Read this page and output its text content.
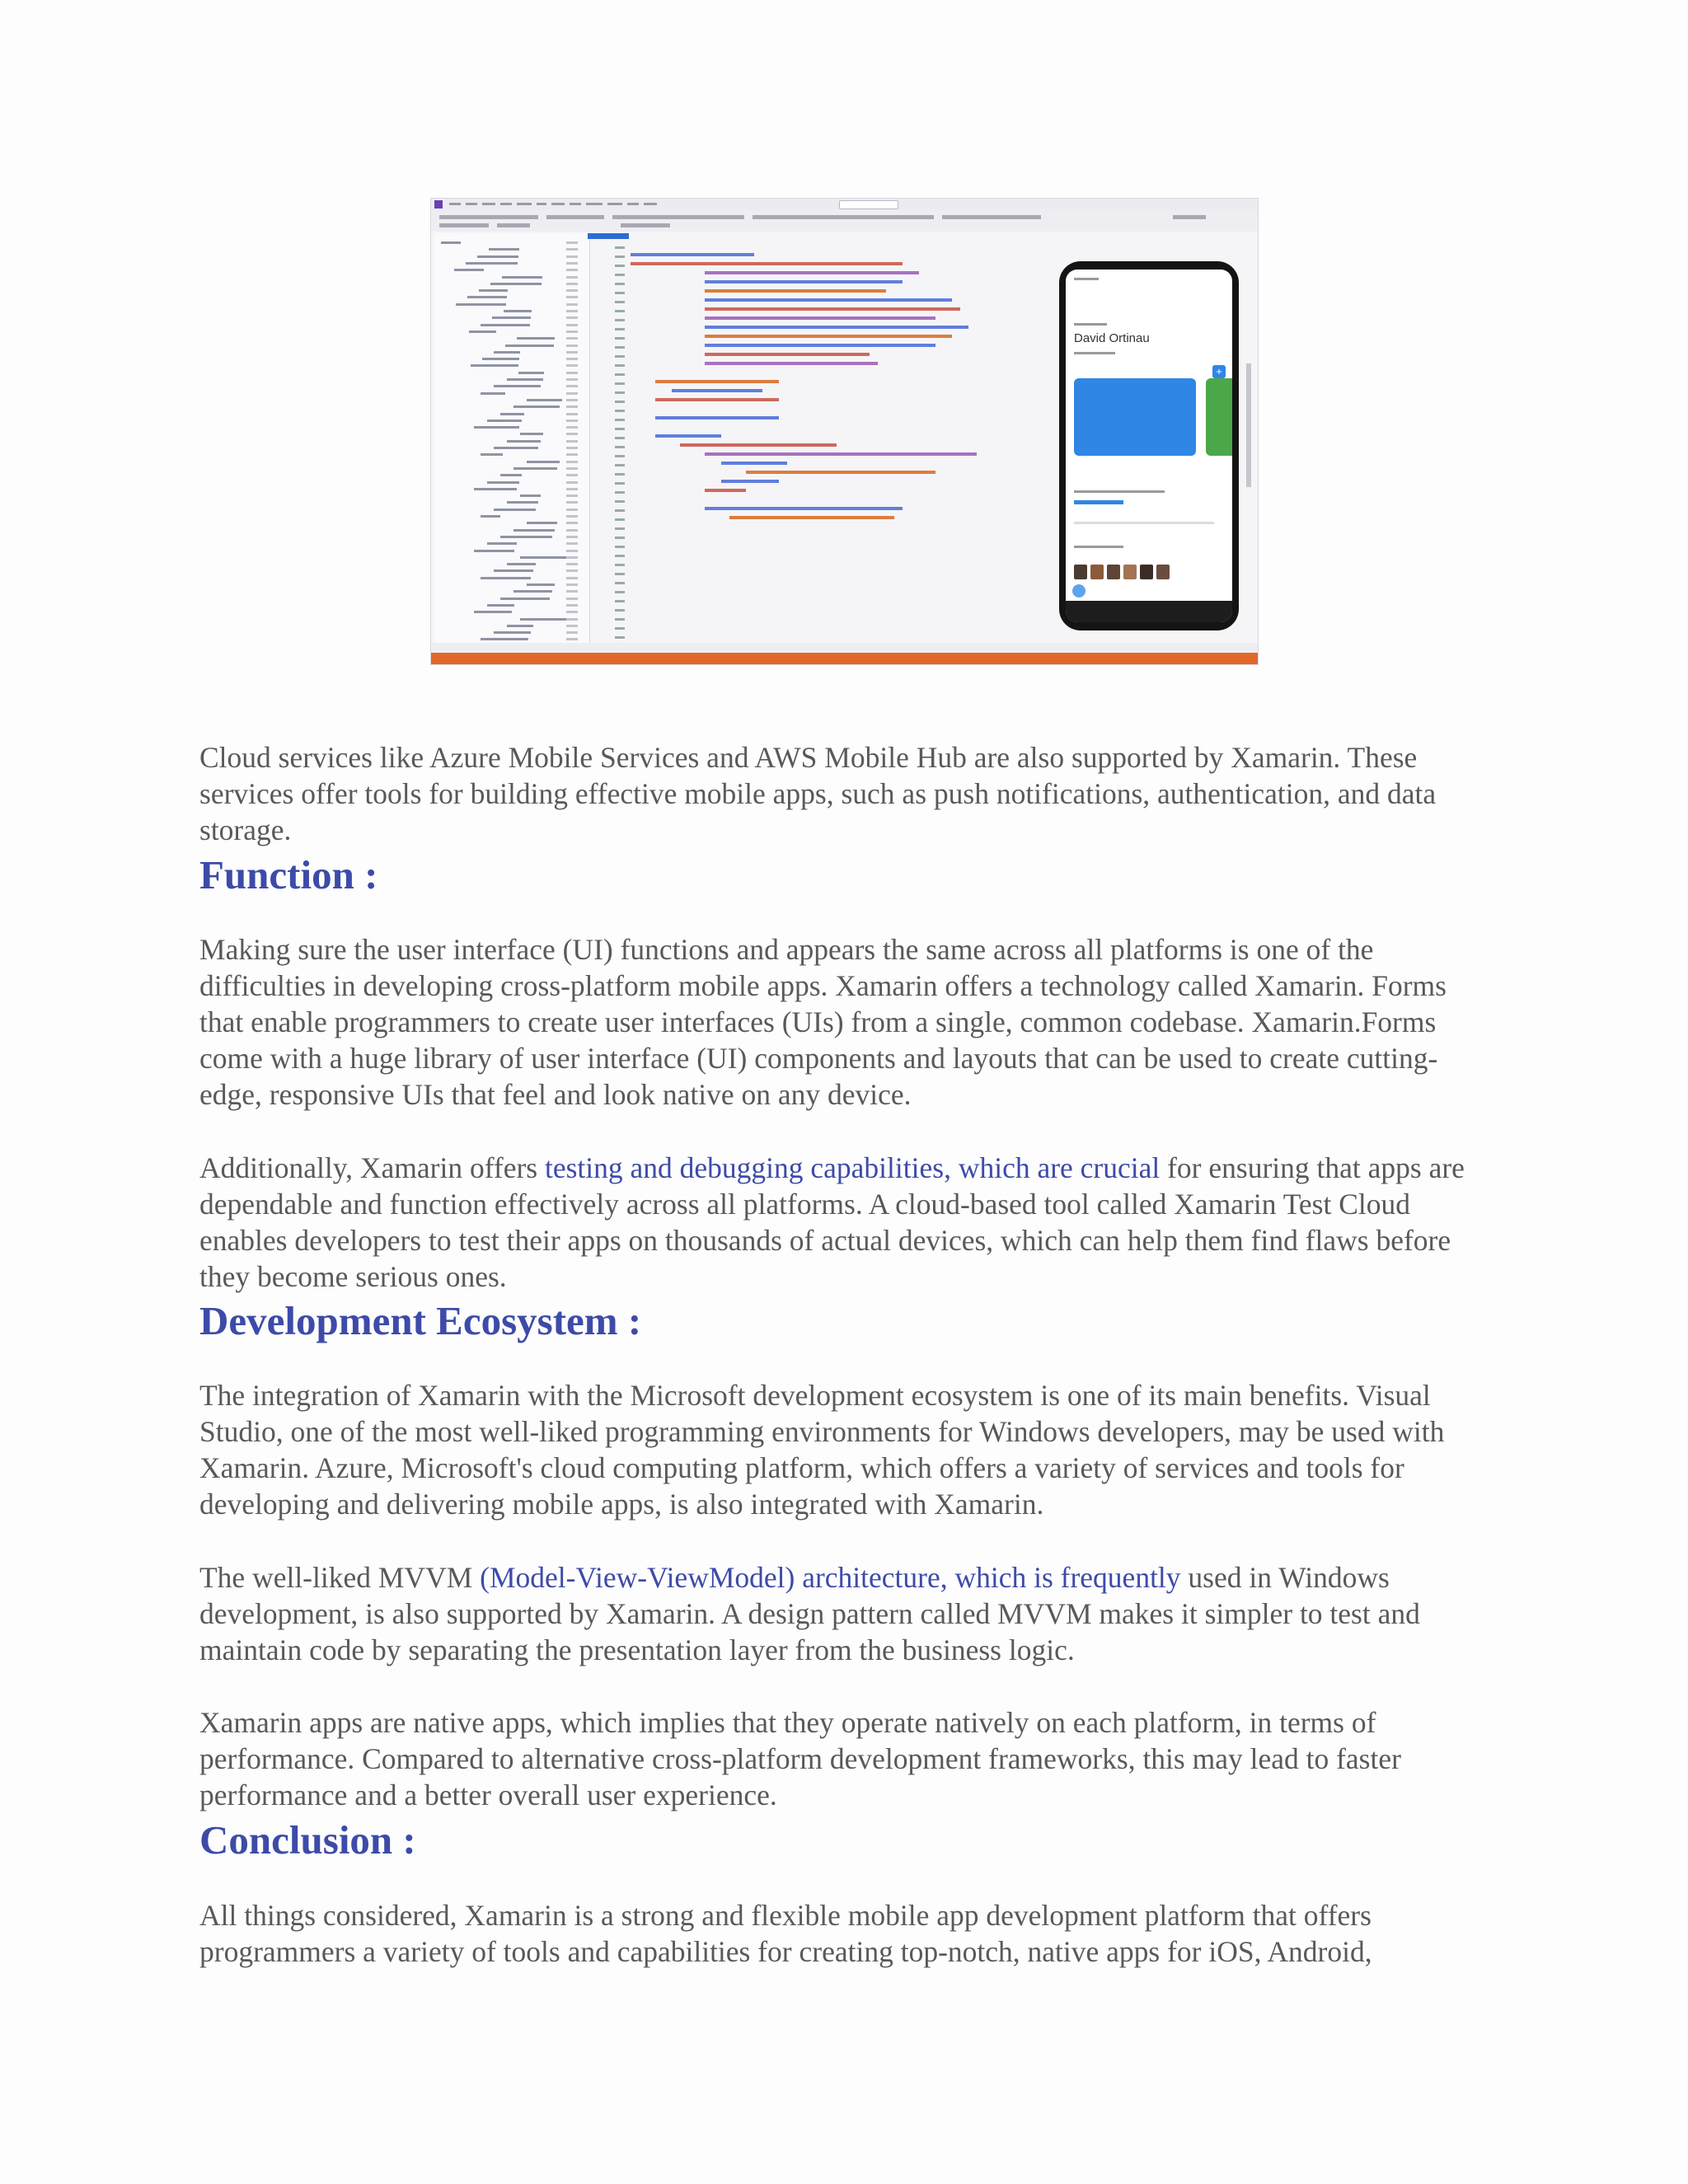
David Ortinau
+

Cloud services like Azure Mobile Services and AWS Mobile Hub are also supported by Xamarin. These services offer tools for building effective mobile apps, such as push notifications, authentication, and data storage.

Function :

Making sure the user interface (UI) functions and appears the same across all platforms is one of the difficulties in developing cross-platform mobile apps. Xamarin offers a technology called Xamarin. Forms that enable programmers to create user interfaces (UIs) from a single, common codebase. Xamarin.Forms come with a huge library of user interface (UI) components and layouts that can be used to create cutting-edge, responsive UIs that feel and look native on any device.

Additionally, Xamarin offers testing and debugging capabilities, which are crucial for ensuring that apps are dependable and function effectively across all platforms. A cloud-based tool called Xamarin Test Cloud enables developers to test their apps on thousands of actual devices, which can help them find flaws before they become serious ones.

Development Ecosystem :

The integration of Xamarin with the Microsoft development ecosystem is one of its main benefits. Visual Studio, one of the most well-liked programming environments for Windows developers, may be used with Xamarin. Azure, Microsoft's cloud computing platform, which offers a variety of services and tools for developing and delivering mobile apps, is also integrated with Xamarin.

The well-liked MVVM (Model-View-ViewModel) architecture, which is frequently used in Windows development, is also supported by Xamarin. A design pattern called MVVM makes it simpler to test and maintain code by separating the presentation layer from the business logic.

Xamarin apps are native apps, which implies that they operate natively on each platform, in terms of performance. Compared to alternative cross-platform development frameworks, this may lead to faster performance and a better overall user experience.

Conclusion :

All things considered, Xamarin is a strong and flexible mobile app development platform that offers programmers a variety of tools and capabilities for creating top-notch, native apps for iOS, Android,
